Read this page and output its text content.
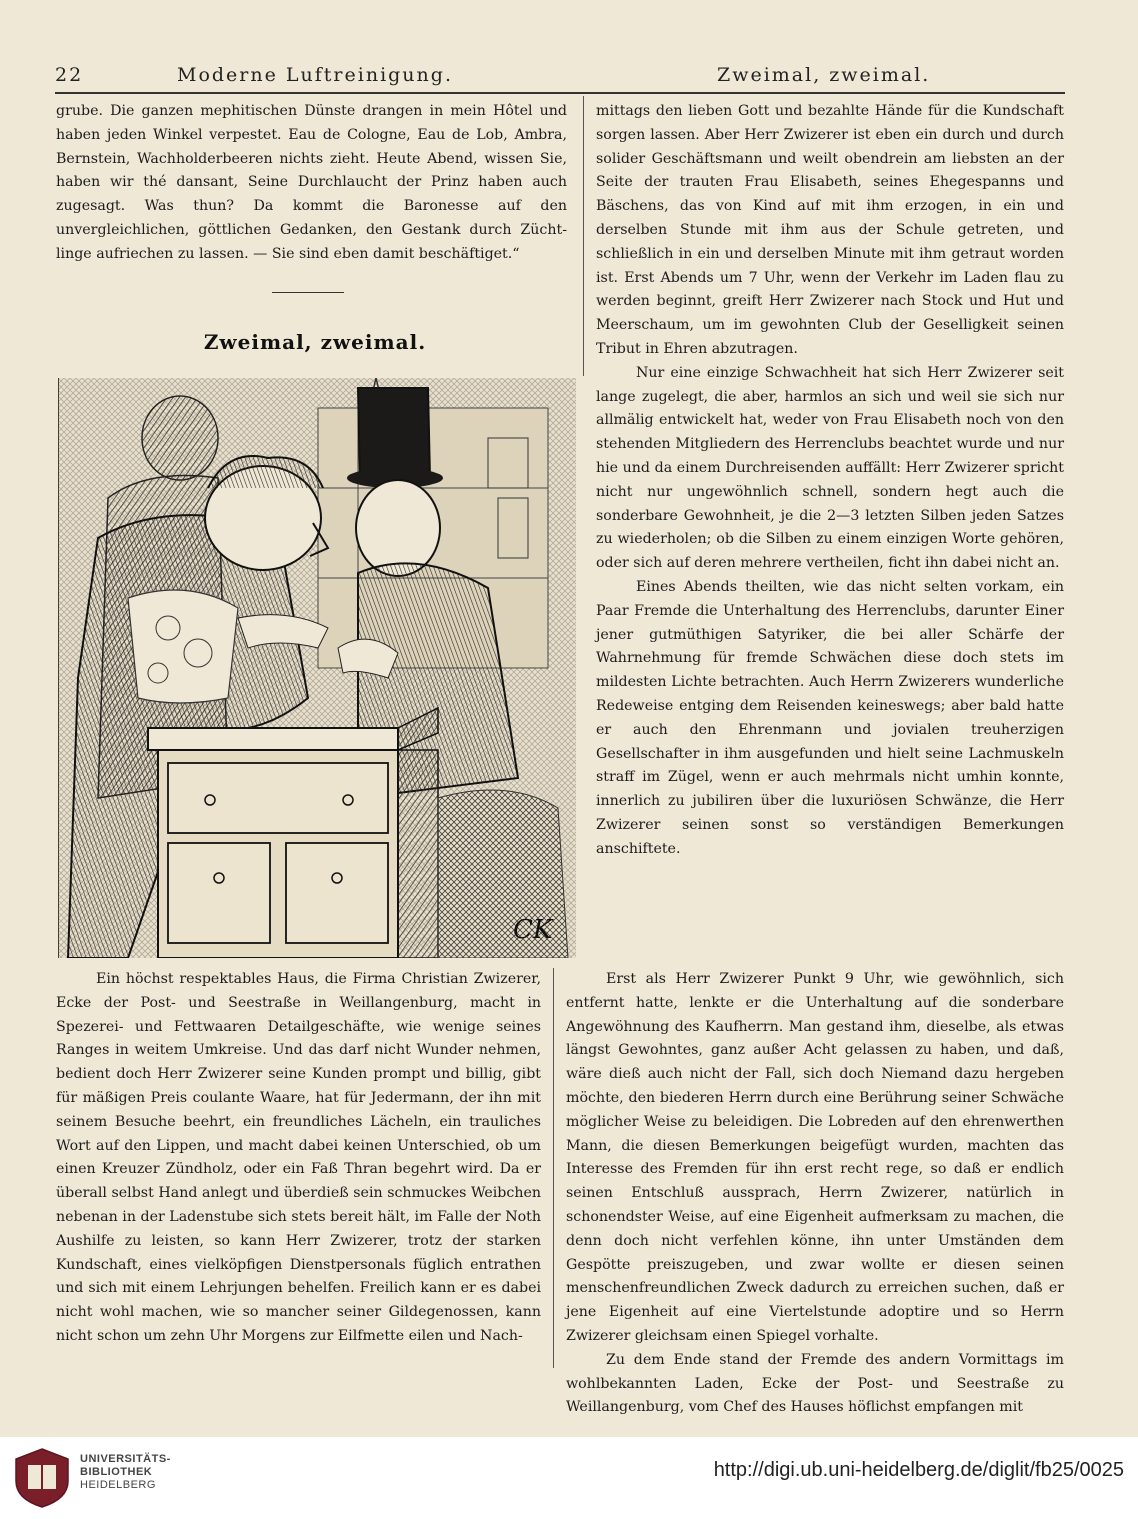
22	Moderne Luftreinigung.	Zweimal, zweimal.

grube. Die ganzen mephitischen Dünste drangen in mein Hôtel und haben jeden Winkel verpestet. Eau de Cologne, Eau de Lob, Ambra, Bernstein, Wachholderbeeren nichts zieht. Heute Abend, wissen Sie, haben wir thé dansant, Seine Durchlaucht der Prinz haben auch zugesagt. Was thun? Da kommt die Baronesse auf den unvergleichlichen, göttlichen Gedanken, den Gestank durch Zücht-linge aufriechen zu lassen. — Sie sind eben damit beschäftiget.“

Zweimal, zweimal.
CK

Ein höchst respektables Haus, die Firma Christian Zwizerer, Ecke der Post- und Seestraße in Weillangenburg, macht in Spezerei- und Fettwaaren Detailgeschäfte, wie wenige seines Ranges in weitem Umkreise. Und das darf nicht Wunder nehmen, bedient doch Herr Zwizerer seine Kunden prompt und billig, gibt für mäßigen Preis coulante Waare, hat für Jedermann, der ihn mit seinem Besuche beehrt, ein freundliches Lächeln, ein trauliches Wort auf den Lippen, und macht dabei keinen Unterschied, ob um einen Kreuzer Zündholz, oder ein Faß Thran begehrt wird. Da er überall selbst Hand anlegt und überdieß sein schmuckes Weibchen nebenan in der Ladenstube sich stets bereit hält, im Falle der Noth Aushilfe zu leisten, so kann Herr Zwizerer, trotz der starken Kundschaft, eines vielköpfigen Dienstpersonals füglich entrathen und sich mit einem Lehrjungen behelfen. Freilich kann er es dabei nicht wohl machen, wie so mancher seiner Gildegenossen, kann nicht schon um zehn Uhr Morgens zur Eilfmette eilen und Nach-

mittags den lieben Gott und bezahlte Hände für die Kundschaft sorgen lassen. Aber Herr Zwizerer ist eben ein durch und durch solider Geschäftsmann und weilt obendrein am liebsten an der Seite der trauten Frau Elisabeth, seines Ehegespanns und Bäschens, das von Kind auf mit ihm erzogen, in ein und derselben Stunde mit ihm aus der Schule getreten, und schließlich in ein und derselben Minute mit ihm getraut worden ist. Erst Abends um 7 Uhr, wenn der Verkehr im Laden flau zu werden beginnt, greift Herr Zwizerer nach Stock und Hut und Meerschaum, um im gewohnten Club der Geselligkeit seinen Tribut in Ehren abzutragen.

Nur eine einzige Schwachheit hat sich Herr Zwizerer seit lange zugelegt, die aber, harmlos an sich und weil sie sich nur allmälig entwickelt hat, weder von Frau Elisabeth noch von den stehenden Mitgliedern des Herrenclubs beachtet wurde und nur hie und da einem Durchreisenden auffällt: Herr Zwizerer spricht nicht nur ungewöhnlich schnell, sondern hegt auch die sonderbare Gewohnheit, je die 2—3 letzten Silben jeden Satzes zu wiederholen; ob die Silben zu einem einzigen Worte gehören, oder sich auf deren mehrere vertheilen, ficht ihn dabei nicht an.

Eines Abends theilten, wie das nicht selten vorkam, ein Paar Fremde die Unterhaltung des Herrenclubs, darunter Einer jener gutmüthigen Satyriker, die bei aller Schärfe der Wahrnehmung für fremde Schwächen diese doch stets im mildesten Lichte betrachten. Auch Herrn Zwizerers wunderliche Redeweise entging dem Reisenden keineswegs; aber bald hatte er auch den Ehrenmann und jovialen treuherzigen Gesellschafter in ihm ausgefunden und hielt seine Lachmuskeln straff im Zügel, wenn er auch mehrmals nicht umhin konnte, innerlich zu jubiliren über die luxuriösen Schwänze, die Herr Zwizerer seinen sonst so verständigen Bemerkungen anschiftete.

Erst als Herr Zwizerer Punkt 9 Uhr, wie gewöhnlich, sich entfernt hatte, lenkte er die Unterhaltung auf die sonderbare Angewöhnung des Kaufherrn. Man gestand ihm, dieselbe, als etwas längst Gewohntes, ganz außer Acht gelassen zu haben, und daß, wäre dieß auch nicht der Fall, sich doch Niemand dazu hergeben möchte, den biederen Herrn durch eine Berührung seiner Schwäche möglicher Weise zu beleidigen. Die Lobreden auf den ehrenwerthen Mann, die diesen Bemerkungen beigefügt wurden, machten das Interesse des Fremden für ihn erst recht rege, so daß er endlich seinen Entschluß aussprach, Herrn Zwizerer, natürlich in schonendster Weise, auf eine Eigenheit aufmerksam zu machen, die denn doch nicht verfehlen könne, ihn unter Umständen dem Gespötte preiszugeben, und zwar wollte er diesen seinen menschenfreundlichen Zweck dadurch zu erreichen suchen, daß er jene Eigenheit auf eine Viertelstunde adoptire und so Herrn Zwizerer gleichsam einen Spiegel vorhalte.

Zu dem Ende stand der Fremde des andern Vormittags im wohlbekannten Laden, Ecke der Post- und Seestraße zu Weillangenburg, vom Chef des Hauses höflichst empfangen mit

UNIVERSITÄTS-
BIBLIOTHEK
HEIDELBERG
http://digi.ub.uni-heidelberg.de/diglit/fb25/0025
